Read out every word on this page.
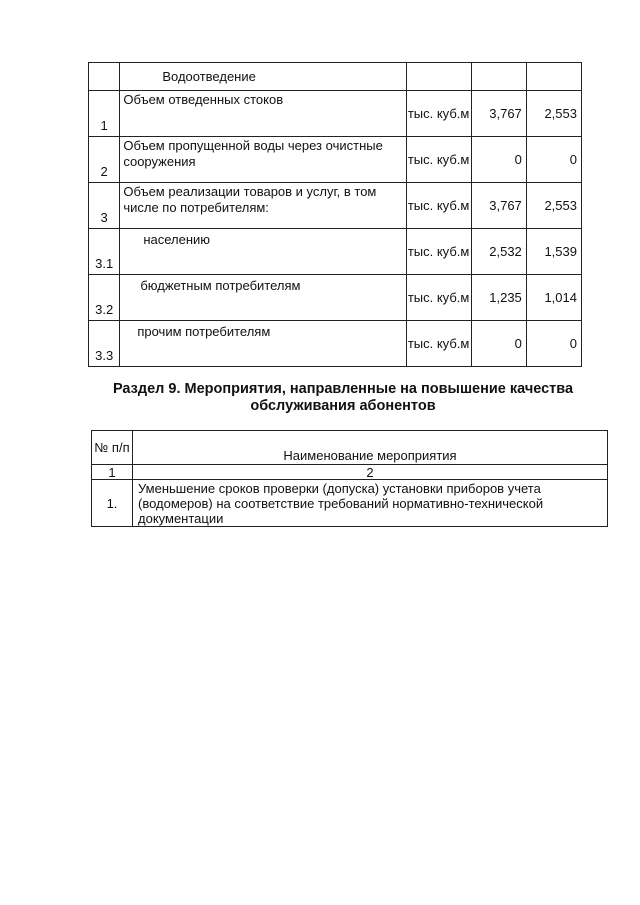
	Водоотведение			
1	Объем отведенных стоков	тыс. куб.м	3,767	2,553
2	Объем пропущенной воды через очистные сооружения	тыс. куб.м	0	0
3	Объем реализации товаров и услуг, в том числе по потребителям:	тыс. куб.м	3,767	2,553
3.1	населению	тыс. куб.м	2,532	1,539
3.2	бюджетным потребителям	тыс. куб.м	1,235	1,014
3.3	прочим потребителям	тыс. куб.м	0	0
Раздел 9. Мероприятия, направленные на повышение качества обслуживания абонентов
№ п/п	Наименование мероприятия
1	2
1.	Уменьшение сроков проверки (допуска) установки приборов учета (водомеров) на соответствие требований нормативно-технической документации
